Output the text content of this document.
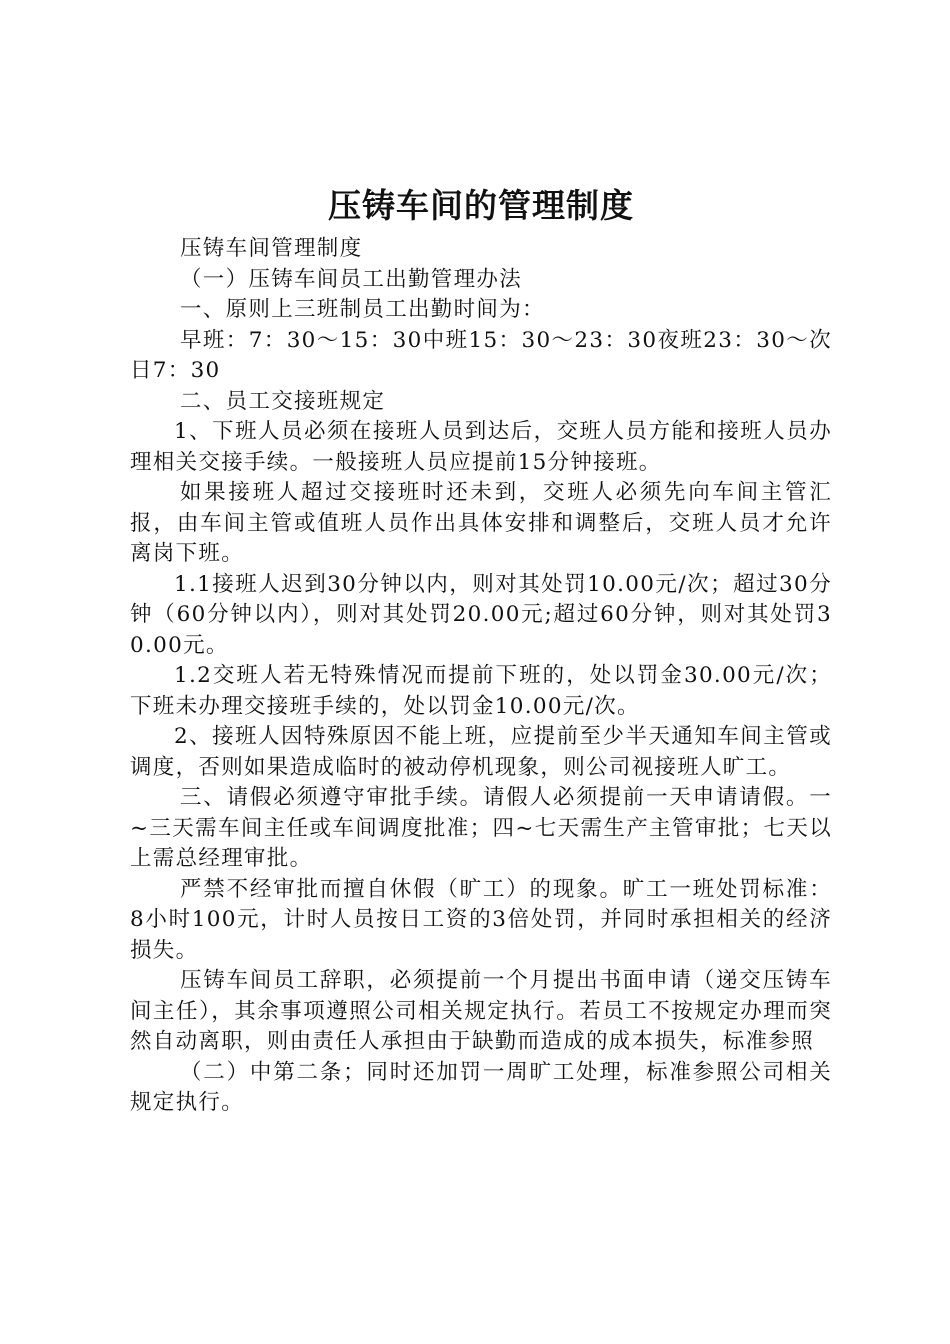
压铸车间的管理制度

压铸车间管理制度

（一）压铸车间员工出勤管理办法

一、原则上三班制员工出勤时间为：

早班：7：30～15：30中班15：30～23：30夜班23：30～次日7：30

二、员工交接班规定

1、下班人员必须在接班人员到达后，交班人员方能和接班人员办理相关交接手续。一般接班人员应提前15分钟接班。

如果接班人超过交接班时还未到，交班人必须先向车间主管汇报，由车间主管或值班人员作出具体安排和调整后，交班人员才允许离岗下班。

1.1接班人迟到30分钟以内，则对其处罚10.00元/次；超过30分钟（60分钟以内），则对其处罚20.00元;超过60分钟，则对其处罚30.00元。

1.2交班人若无特殊情况而提前下班的，处以罚金30.00元/次；下班未办理交接班手续的，处以罚金10.00元/次。

2、接班人因特殊原因不能上班，应提前至少半天通知车间主管或调度，否则如果造成临时的被动停机现象，则公司视接班人旷工。

三、请假必须遵守审批手续。请假人必须提前一天申请请假。一~三天需车间主任或车间调度批准；四~七天需生产主管审批；七天以上需总经理审批。

严禁不经审批而擅自休假（旷工）的现象。旷工一班处罚标准：8小时100元，计时人员按日工资的3倍处罚，并同时承担相关的经济损失。

压铸车间员工辞职，必须提前一个月提出书面申请（递交压铸车间主任），其余事项遵照公司相关规定执行。若员工不按规定办理而突然自动离职，则由责任人承担由于缺勤而造成的成本损失，标准参照

（二）中第二条；同时还加罚一周旷工处理，标准参照公司相关规定执行。
